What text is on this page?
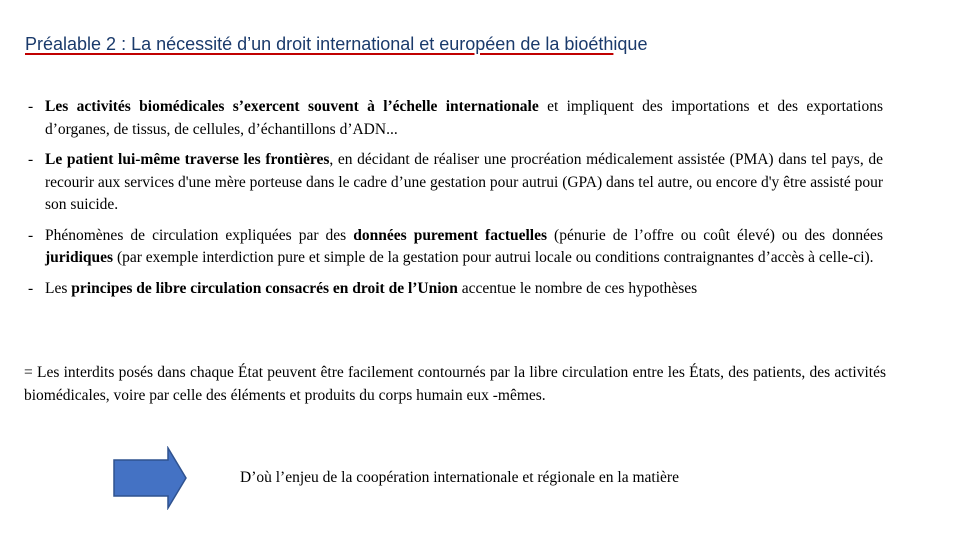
Préalable 2 : La nécessité d’un droit international et européen de la bioéthique
- Les activités biomédicales s’exercent souvent à l’échelle internationale et impliquent des importations et des exportations d’organes, de tissus, de cellules, d’échantillons d’ADN...
- Le patient lui-même traverse les frontières, en décidant de réaliser une procréation médicalement assistée (PMA) dans tel pays, de recourir aux services d'une mère porteuse dans le cadre d’une gestation pour autrui (GPA) dans tel autre, ou encore d'y être assisté pour son suicide.
- Phénomènes de circulation expliquées par des données purement factuelles (pénurie de l’offre ou coût élevé) ou des données juridiques (par exemple interdiction pure et simple de la gestation pour autrui locale ou conditions contraignantes d’accès à celle-ci).
- Les principes de libre circulation consacrés en droit de l’Union accentue le nombre de ces hypothèses
= Les interdits posés dans chaque État peuvent être facilement contournés par la libre circulation entre les États, des patients, des activités biomédicales, voire par celle des éléments et produits du corps humain eux -mêmes.
D’où l’enjeu de la coopération internationale et régionale en la matière
